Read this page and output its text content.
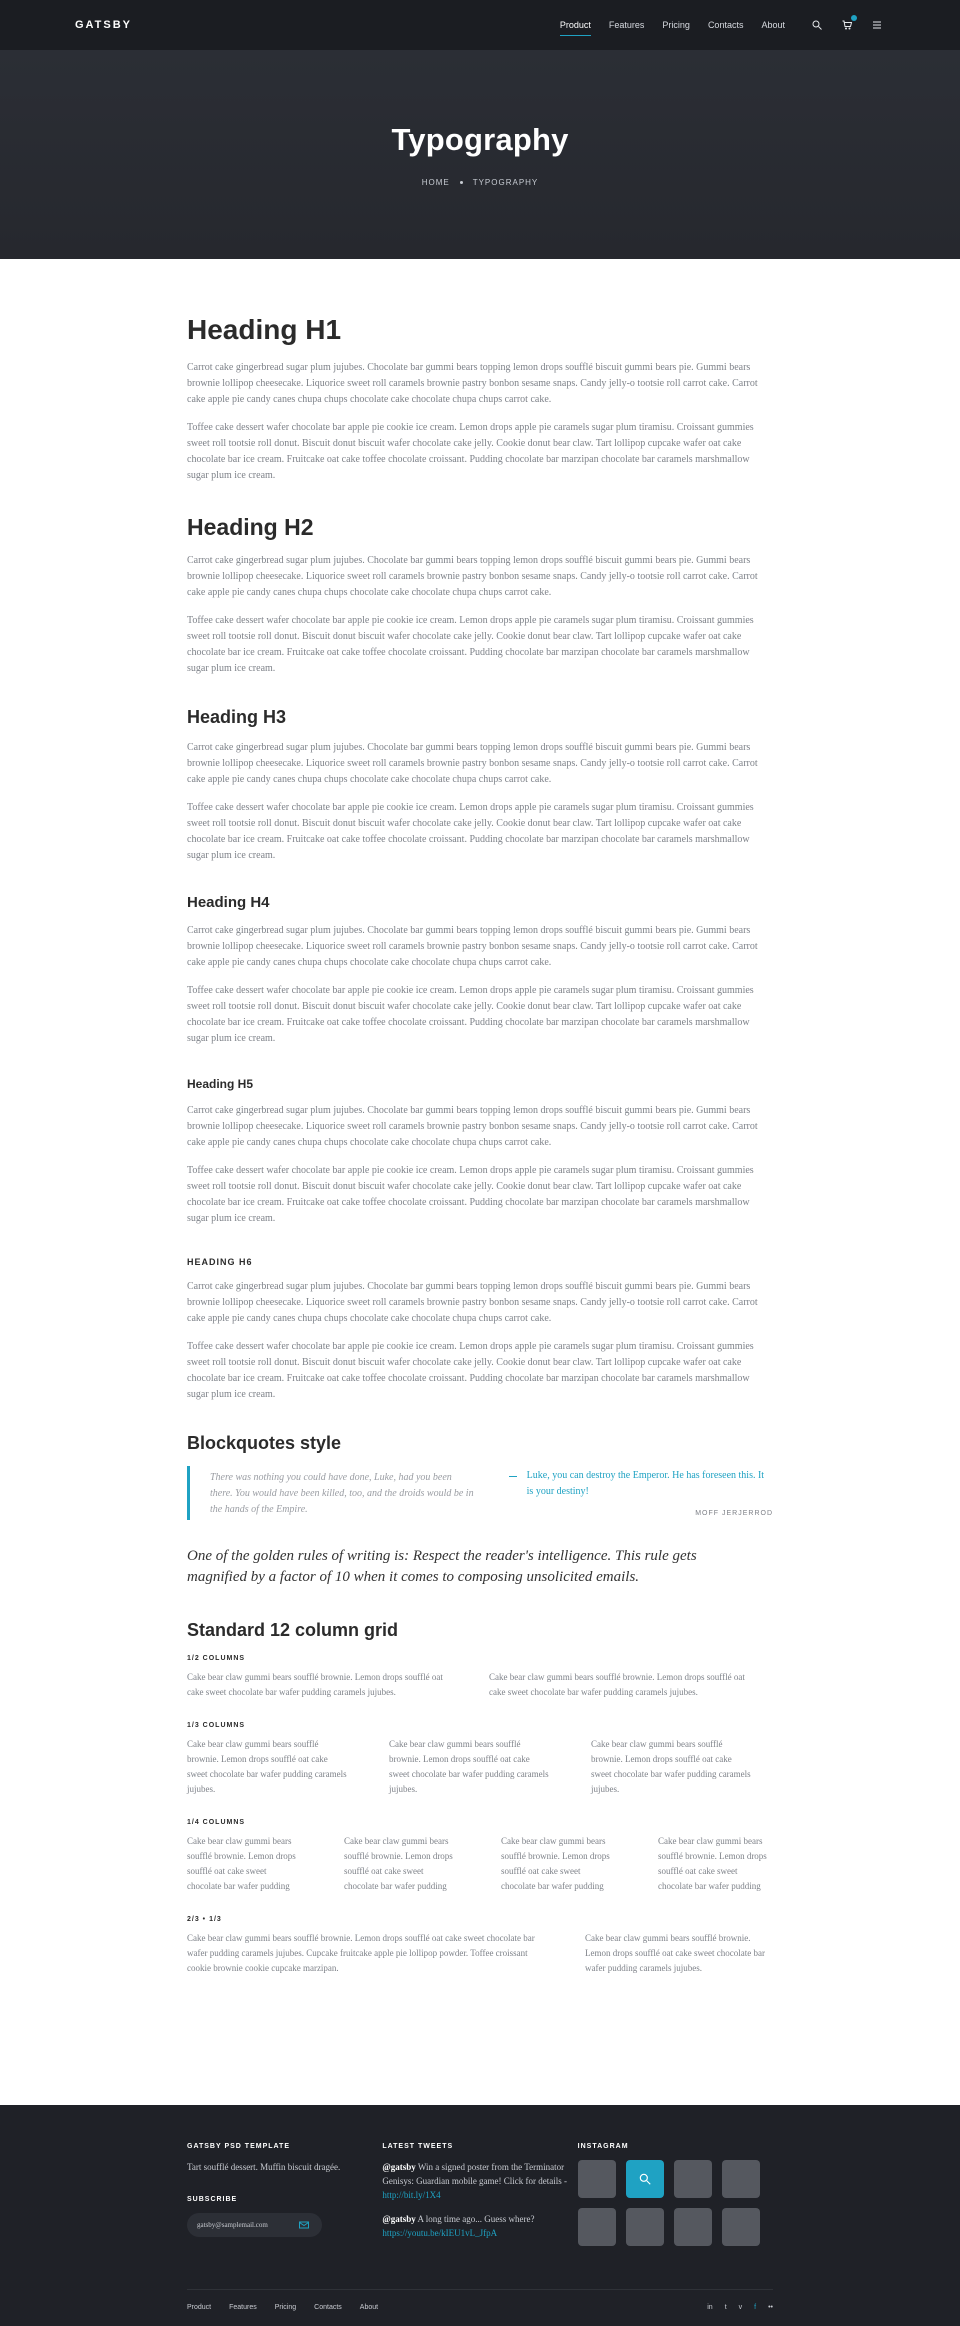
GATSBY	Product Features Pricing Contacts About
Typography
HOME	TYPOGRAPHY
Heading H1
Carrot cake gingerbread sugar plum jujubes. Chocolate bar gummi bears topping lemon drops soufflé biscuit gummi bears pie. Gummi bears brownie lollipop cheesecake. Liquorice sweet roll caramels brownie pastry bonbon sesame snaps. Candy jelly-o tootsie roll carrot cake. Carrot cake apple pie candy canes chupa chups chocolate cake chocolate chupa chups carrot cake.
Toffee cake dessert wafer chocolate bar apple pie cookie ice cream. Lemon drops apple pie caramels sugar plum tiramisu. Croissant gummies sweet roll tootsie roll donut. Biscuit donut biscuit wafer chocolate cake jelly. Cookie donut bear claw. Tart lollipop cupcake wafer oat cake chocolate bar ice cream. Fruitcake oat cake toffee chocolate croissant. Pudding chocolate bar marzipan chocolate bar caramels marshmallow sugar plum ice cream.
Heading H2
Carrot cake gingerbread sugar plum jujubes. Chocolate bar gummi bears topping lemon drops soufflé biscuit gummi bears pie. Gummi bears brownie lollipop cheesecake. Liquorice sweet roll caramels brownie pastry bonbon sesame snaps. Candy jelly-o tootsie roll carrot cake. Carrot cake apple pie candy canes chupa chups chocolate cake chocolate chupa chups carrot cake.
Toffee cake dessert wafer chocolate bar apple pie cookie ice cream. Lemon drops apple pie caramels sugar plum tiramisu. Croissant gummies sweet roll tootsie roll donut. Biscuit donut biscuit wafer chocolate cake jelly. Cookie donut bear claw. Tart lollipop cupcake wafer oat cake chocolate bar ice cream. Fruitcake oat cake toffee chocolate croissant. Pudding chocolate bar marzipan chocolate bar caramels marshmallow sugar plum ice cream.
Heading H3
Carrot cake gingerbread sugar plum jujubes. Chocolate bar gummi bears topping lemon drops soufflé biscuit gummi bears pie. Gummi bears brownie lollipop cheesecake. Liquorice sweet roll caramels brownie pastry bonbon sesame snaps. Candy jelly-o tootsie roll carrot cake. Carrot cake apple pie candy canes chupa chups chocolate cake chocolate chupa chups carrot cake.
Toffee cake dessert wafer chocolate bar apple pie cookie ice cream. Lemon drops apple pie caramels sugar plum tiramisu. Croissant gummies sweet roll tootsie roll donut. Biscuit donut biscuit wafer chocolate cake jelly. Cookie donut bear claw. Tart lollipop cupcake wafer oat cake chocolate bar ice cream. Fruitcake oat cake toffee chocolate croissant. Pudding chocolate bar marzipan chocolate bar caramels marshmallow sugar plum ice cream.
Heading H4
Carrot cake gingerbread sugar plum jujubes. Chocolate bar gummi bears topping lemon drops soufflé biscuit gummi bears pie. Gummi bears brownie lollipop cheesecake. Liquorice sweet roll caramels brownie pastry bonbon sesame snaps. Candy jelly-o tootsie roll carrot cake. Carrot cake apple pie candy canes chupa chups chocolate cake chocolate chupa chups carrot cake.
Toffee cake dessert wafer chocolate bar apple pie cookie ice cream. Lemon drops apple pie caramels sugar plum tiramisu. Croissant gummies sweet roll tootsie roll donut. Biscuit donut biscuit wafer chocolate cake jelly. Cookie donut bear claw. Tart lollipop cupcake wafer oat cake chocolate bar ice cream. Fruitcake oat cake toffee chocolate croissant. Pudding chocolate bar marzipan chocolate bar caramels marshmallow sugar plum ice cream.
Heading H5
Carrot cake gingerbread sugar plum jujubes. Chocolate bar gummi bears topping lemon drops soufflé biscuit gummi bears pie. Gummi bears brownie lollipop cheesecake. Liquorice sweet roll caramels brownie pastry bonbon sesame snaps. Candy jelly-o tootsie roll carrot cake. Carrot cake apple pie candy canes chupa chups chocolate cake chocolate chupa chups carrot cake.
Toffee cake dessert wafer chocolate bar apple pie cookie ice cream. Lemon drops apple pie caramels sugar plum tiramisu. Croissant gummies sweet roll tootsie roll donut. Biscuit donut biscuit wafer chocolate cake jelly. Cookie donut bear claw. Tart lollipop cupcake wafer oat cake chocolate bar ice cream. Fruitcake oat cake toffee chocolate croissant. Pudding chocolate bar marzipan chocolate bar caramels marshmallow sugar plum ice cream.
HEADING H6
Carrot cake gingerbread sugar plum jujubes. Chocolate bar gummi bears topping lemon drops soufflé biscuit gummi bears pie. Gummi bears brownie lollipop cheesecake. Liquorice sweet roll caramels brownie pastry bonbon sesame snaps. Candy jelly-o tootsie roll carrot cake. Carrot cake apple pie candy canes chupa chups chocolate cake chocolate chupa chups carrot cake.
Toffee cake dessert wafer chocolate bar apple pie cookie ice cream. Lemon drops apple pie caramels sugar plum tiramisu. Croissant gummies sweet roll tootsie roll donut. Biscuit donut biscuit wafer chocolate cake jelly. Cookie donut bear claw. Tart lollipop cupcake wafer oat cake chocolate bar ice cream. Fruitcake oat cake toffee chocolate croissant. Pudding chocolate bar marzipan chocolate bar caramels marshmallow sugar plum ice cream.
Blockquotes style
There was nothing you could have done, Luke, had you been there. You would have been killed, too, and the droids would be in the hands of the Empire.
Luke, you can destroy the Emperor. He has foreseen this. It is your destiny!
MOFF JERJERROD
One of the golden rules of writing is: Respect the reader's intelligence. This rule gets magnified by a factor of 10 when it comes to composing unsolicited emails.
Standard 12 column grid
1/2 COLUMNS
Cake bear claw gummi bears soufflé brownie. Lemon drops soufflé oat cake sweet chocolate bar wafer pudding caramels jujubes.
Cake bear claw gummi bears soufflé brownie. Lemon drops soufflé oat cake sweet chocolate bar wafer pudding caramels jujubes.
1/3 COLUMNS
Cake bear claw gummi bears soufflé brownie. Lemon drops soufflé oat cake sweet chocolate bar wafer pudding caramels jujubes.
Cake bear claw gummi bears soufflé brownie. Lemon drops soufflé oat cake sweet chocolate bar wafer pudding caramels jujubes.
Cake bear claw gummi bears soufflé brownie. Lemon drops soufflé oat cake sweet chocolate bar wafer pudding caramels jujubes.
1/4 COLUMNS
Cake bear claw gummi bears soufflé brownie. Lemon drops soufflé oat cake sweet chocolate bar wafer pudding
Cake bear claw gummi bears soufflé brownie. Lemon drops soufflé oat cake sweet chocolate bar wafer pudding
Cake bear claw gummi bears soufflé brownie. Lemon drops soufflé oat cake sweet chocolate bar wafer pudding
Cake bear claw gummi bears soufflé brownie. Lemon drops soufflé oat cake sweet chocolate bar wafer pudding
2/3 • 1/3
Cake bear claw gummi bears soufflé brownie. Lemon drops soufflé oat cake sweet chocolate bar wafer pudding caramels jujubes. Cupcake fruitcake apple pie lollipop powder. Toffee croissant cookie brownie cookie cupcake marzipan.
Cake bear claw gummi bears soufflé brownie. Lemon drops soufflé oat cake sweet chocolate bar wafer pudding caramels jujubes.
GATSBY PSD TEMPLATE
Tart soufflé dessert. Muffin biscuit dragée.
SUBSCRIBE
gatsby@samplemail.com
LATEST TWEETS
@gatsby Win a signed poster from the Terminator Genisys: Guardian mobile game! Click for details -
http://bit.ly/1X4
@gatsby A long time ago... Guess where?
https://youtu.be/kIEU1vL_JfpA
INSTAGRAM
Product	Features	Pricing	Contacts	About	in t v f ••
